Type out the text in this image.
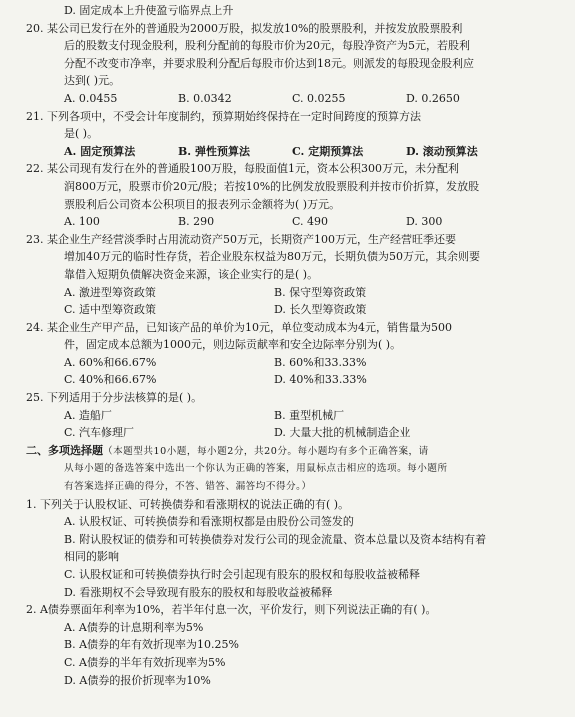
D. 固定成本上升使盈亏临界点上升
20. 某公司已发行在外的普通股为2000万股，拟发放10%的股票股利，并按发放股票股利
后的股数支付现金股利，股利分配前的每股市价为20元，每股净资产为5元，若股利
分配不改变市净率，并要求股利分配后每股市价达到18元。则派发的每股现金股利应
达到( )元。
A. 0.0455	B. 0.0342	C. 0.0255	D. 0.2650
21. 下列各项中，不受会计年度制约，预算期始终保持在一定时间跨度的预算方法
是( )。
A. 固定预算法	B. 弹性预算法	C. 定期预算法	D. 滚动预算法
22. 某公司现有发行在外的普通股100万股，每股面值1元，资本公积300万元，未分配利
润800万元，股票市价20元/股；若按10%的比例发放股票股利并按市价折算，发放股
票股利后公司资本公积项目的报表列示金额将为( )万元。
A. 100	B. 290	C. 490	D. 300
23. 某企业生产经营淡季时占用流动资产50万元，长期资产100万元，生产经营旺季还要
增加40万元的临时性存货，若企业股东权益为80万元，长期负债为50万元，其余则要
靠借入短期负债解决资金来源，该企业实行的是( )。
A. 激进型筹资政策	B. 保守型筹资政策
C. 适中型筹资政策	D. 长久型筹资政策
24. 某企业生产甲产品，已知该产品的单价为10元，单位变动成本为4元，销售量为500
件，固定成本总额为1000元，则边际贡献率和安全边际率分别为( )。
A. 60%和66.67%	B. 60%和33.33%
C. 40%和66.67%	D. 40%和33.33%
25. 下列适用于分步法核算的是( )。
A. 造船厂	B. 重型机械厂
C. 汽车修理厂	D. 大量大批的机械制造企业
二、多项选择题（本题型共10小题，每小题2分，共20分。每小题均有多个正确答案，请
从每小题的备选答案中选出一个你认为正确的答案，用鼠标点击相应的选项。每小题所
有答案选择正确的得分，不答、错答、漏答均不得分。）
1. 下列关于认股权证、可转换债券和看涨期权的说法正确的有( )。
A. 认股权证、可转换债券和看涨期权都是由股份公司签发的
B. 附认股权证的债券和可转换债券对发行公司的现金流量、资本总量以及资本结构有着
相同的影响
C. 认股权证和可转换债券执行时会引起现有股东的股权和每股收益被稀释
D. 看涨期权不会导致现有股东的股权和每股收益被稀释
2. A债券票面年利率为10%，若半年付息一次，平价发行，则下列说法正确的有( )。
A. A债券的计息期利率为5%
B. A债券的年有效折现率为10.25%
C. A债券的半年有效折现率为5%
D. A债券的报价折现率为10%
